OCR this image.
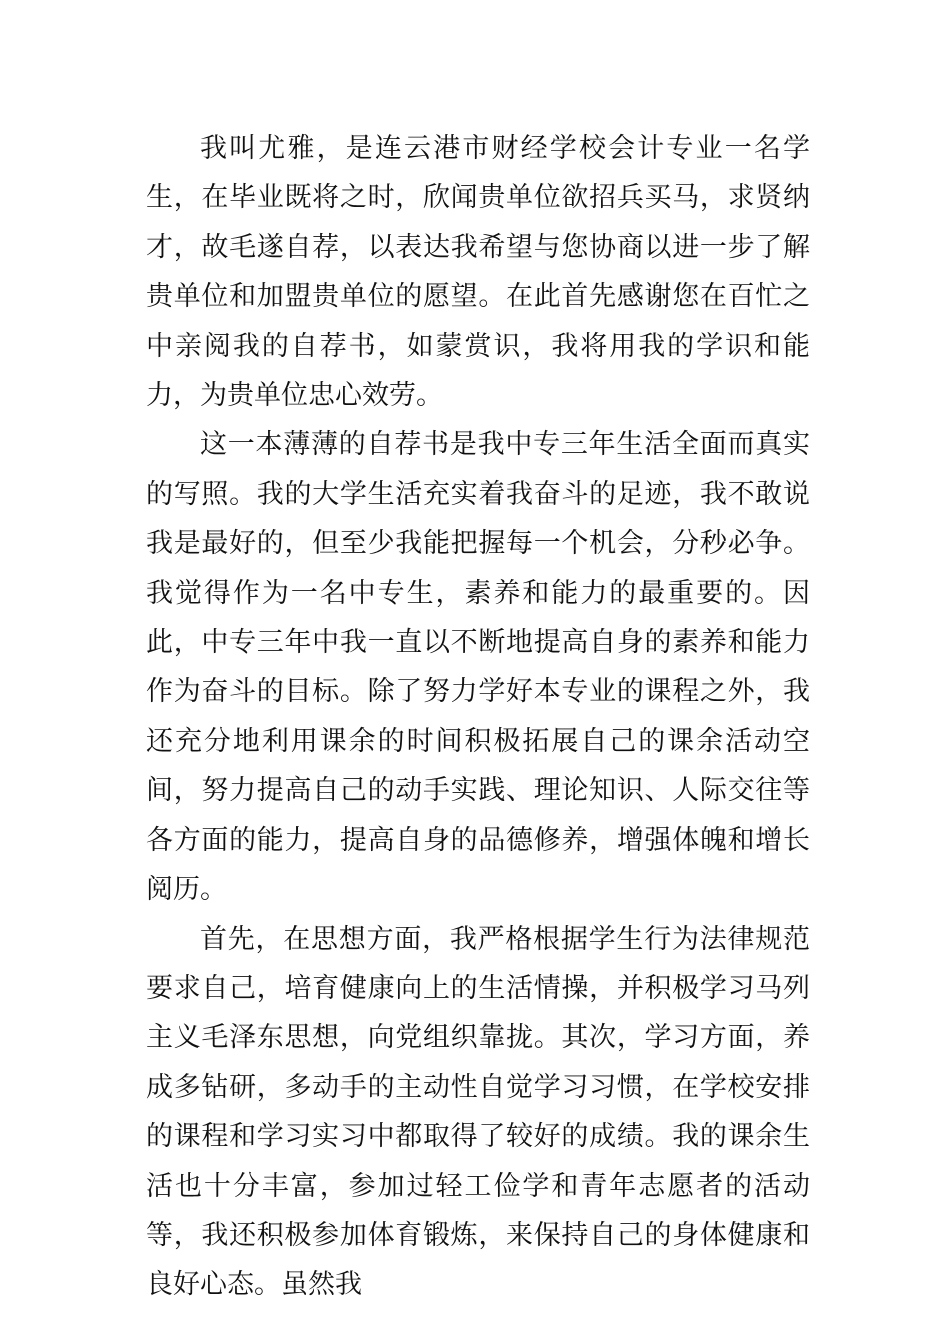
我叫尤雅，是连云港市财经学校会计专业一名学生，在毕业既将之时，欣闻贵单位欲招兵买马，求贤纳才，故毛遂自荐，以表达我希望与您协商以进一步了解贵单位和加盟贵单位的愿望。在此首先感谢您在百忙之中亲阅我的自荐书，如蒙赏识，我将用我的学识和能力，为贵单位忠心效劳。

这一本薄薄的自荐书是我中专三年生活全面而真实的写照。我的大学生活充实着我奋斗的足迹，我不敢说我是最好的，但至少我能把握每一个机会，分秒必争。我觉得作为一名中专生，素养和能力的最重要的。因此，中专三年中我一直以不断地提高自身的素养和能力作为奋斗的目标。除了努力学好本专业的课程之外，我还充分地利用课余的时间积极拓展自己的课余活动空间，努力提高自己的动手实践、理论知识、人际交往等各方面的能力，提高自身的品德修养，增强体魄和增长阅历。

首先，在思想方面，我严格根据学生行为法律规范要求自己，培育健康向上的生活情操，并积极学习马列主义毛泽东思想，向党组织靠拢。其次，学习方面，养成多钻研，多动手的主动性自觉学习习惯，在学校安排的课程和学习实习中都取得了较好的成绩。我的课余生活也十分丰富，参加过轻工俭学和青年志愿者的活动等，我还积极参加体育锻炼，来保持自己的身体健康和良好心态。虽然我
